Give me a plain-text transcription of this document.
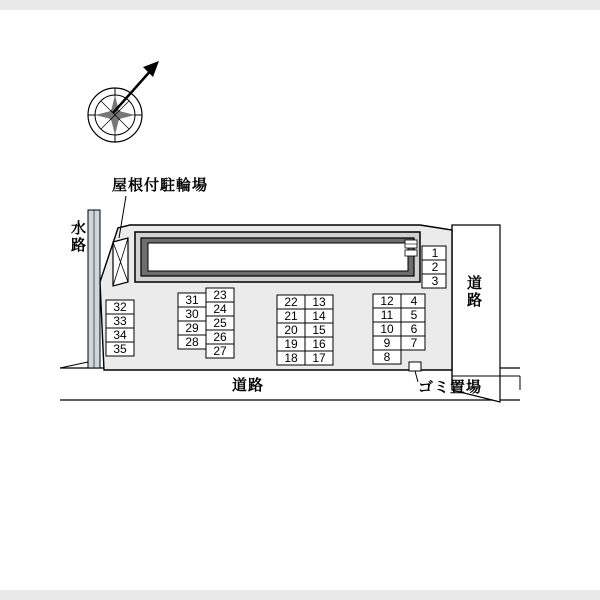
屋根付駐輪場
水路
道路
道路	ゴミ置場
32
33
34
35
31	23
30	24
29	25
28	26
27
22	13
21	14
20	15
19	16
18	17
12	4
11	5
10	6
9	7
8
1
2
3
